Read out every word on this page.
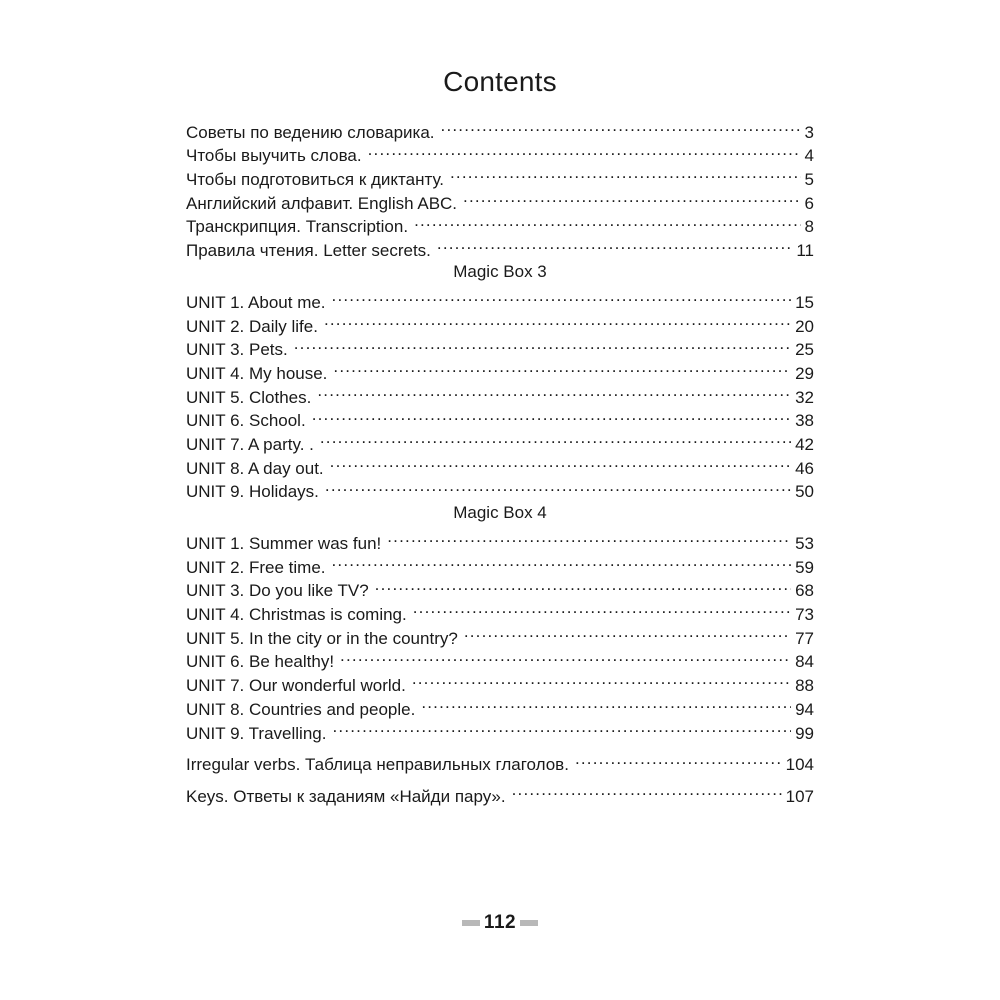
Contents
Советы по ведению словарика. .....	3
Чтобы выучить слова. .....	4
Чтобы подготовиться к диктанту. .....	5
Английский алфавит. English ABC. .....	6
Транскрипция. Transcription. .....	8
Правила чтения. Letter secrets. .....	11
Magic Box 3
UNIT 1. About me. .....	15
UNIT 2. Daily life. .....	20
UNIT 3. Pets. .....	25
UNIT 4. My house. .....	29
UNIT 5. Clothes. .....	32
UNIT 6. School. .....	38
UNIT 7. A party. . .....	42
UNIT 8. A day out. .....	46
UNIT 9. Holidays. .....	50
Magic Box 4
UNIT 1. Summer was fun! .....	53
UNIT 2. Free time. .....	59
UNIT 3. Do you like TV? .....	68
UNIT 4. Christmas is coming. .....	73
UNIT 5. In the city or in the country? .....	77
UNIT 6. Be healthy! .....	84
UNIT 7. Our wonderful world. .....	88
UNIT 8. Countries and people. .....	94
UNIT 9. Travelling. .....	99
Irregular verbs. Таблица неправильных глаголов. .....	104
Keys. Ответы к заданиям «Найди пару». .....	107
112
